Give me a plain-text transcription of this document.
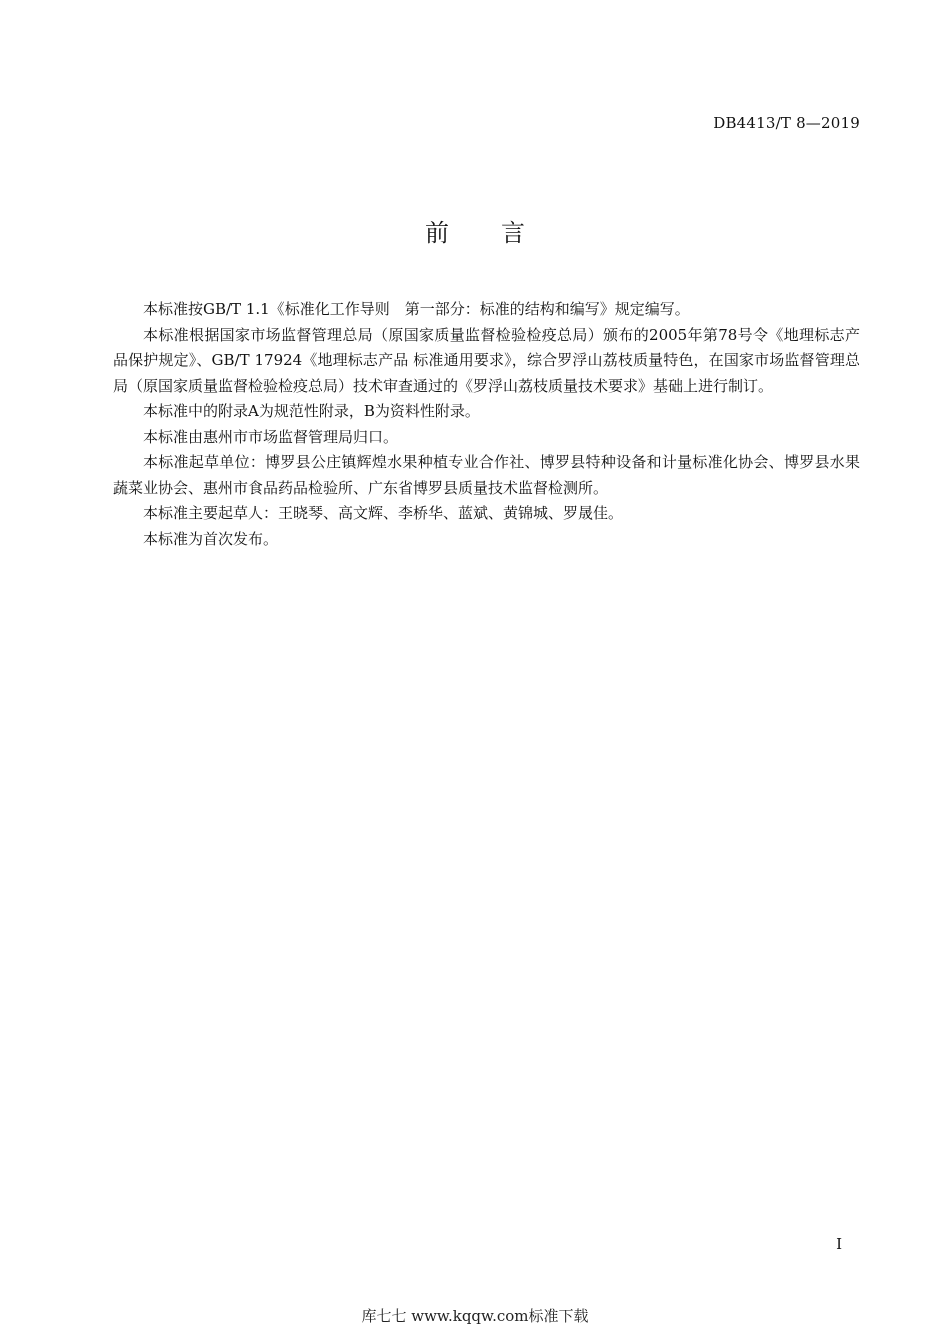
DB4413/T 8—2019
前 言

本标准按GB/T 1.1《标准化工作导则　第一部分：标准的结构和编写》规定编写。

本标准根据国家市场监督管理总局（原国家质量监督检验检疫总局）颁布的2005年第78号令《地理标志产品保护规定》、GB/T 17924《地理标志产品 标准通用要求》，综合罗浮山荔枝质量特色，在国家市场监督管理总局（原国家质量监督检验检疫总局）技术审查通过的《罗浮山荔枝质量技术要求》基础上进行制订。

本标准中的附录A为规范性附录，B为资料性附录。

本标准由惠州市市场监督管理局归口。

本标准起草单位：博罗县公庄镇辉煌水果种植专业合作社、博罗县特种设备和计量标准化协会、博罗县水果蔬菜业协会、惠州市食品药品检验所、广东省博罗县质量技术监督检测所。

本标准主要起草人：王晓琴、高文辉、李桥华、蓝斌、黄锦城、罗晟佳。

本标准为首次发布。

I
库七七 www.kqqw.com标准下载
